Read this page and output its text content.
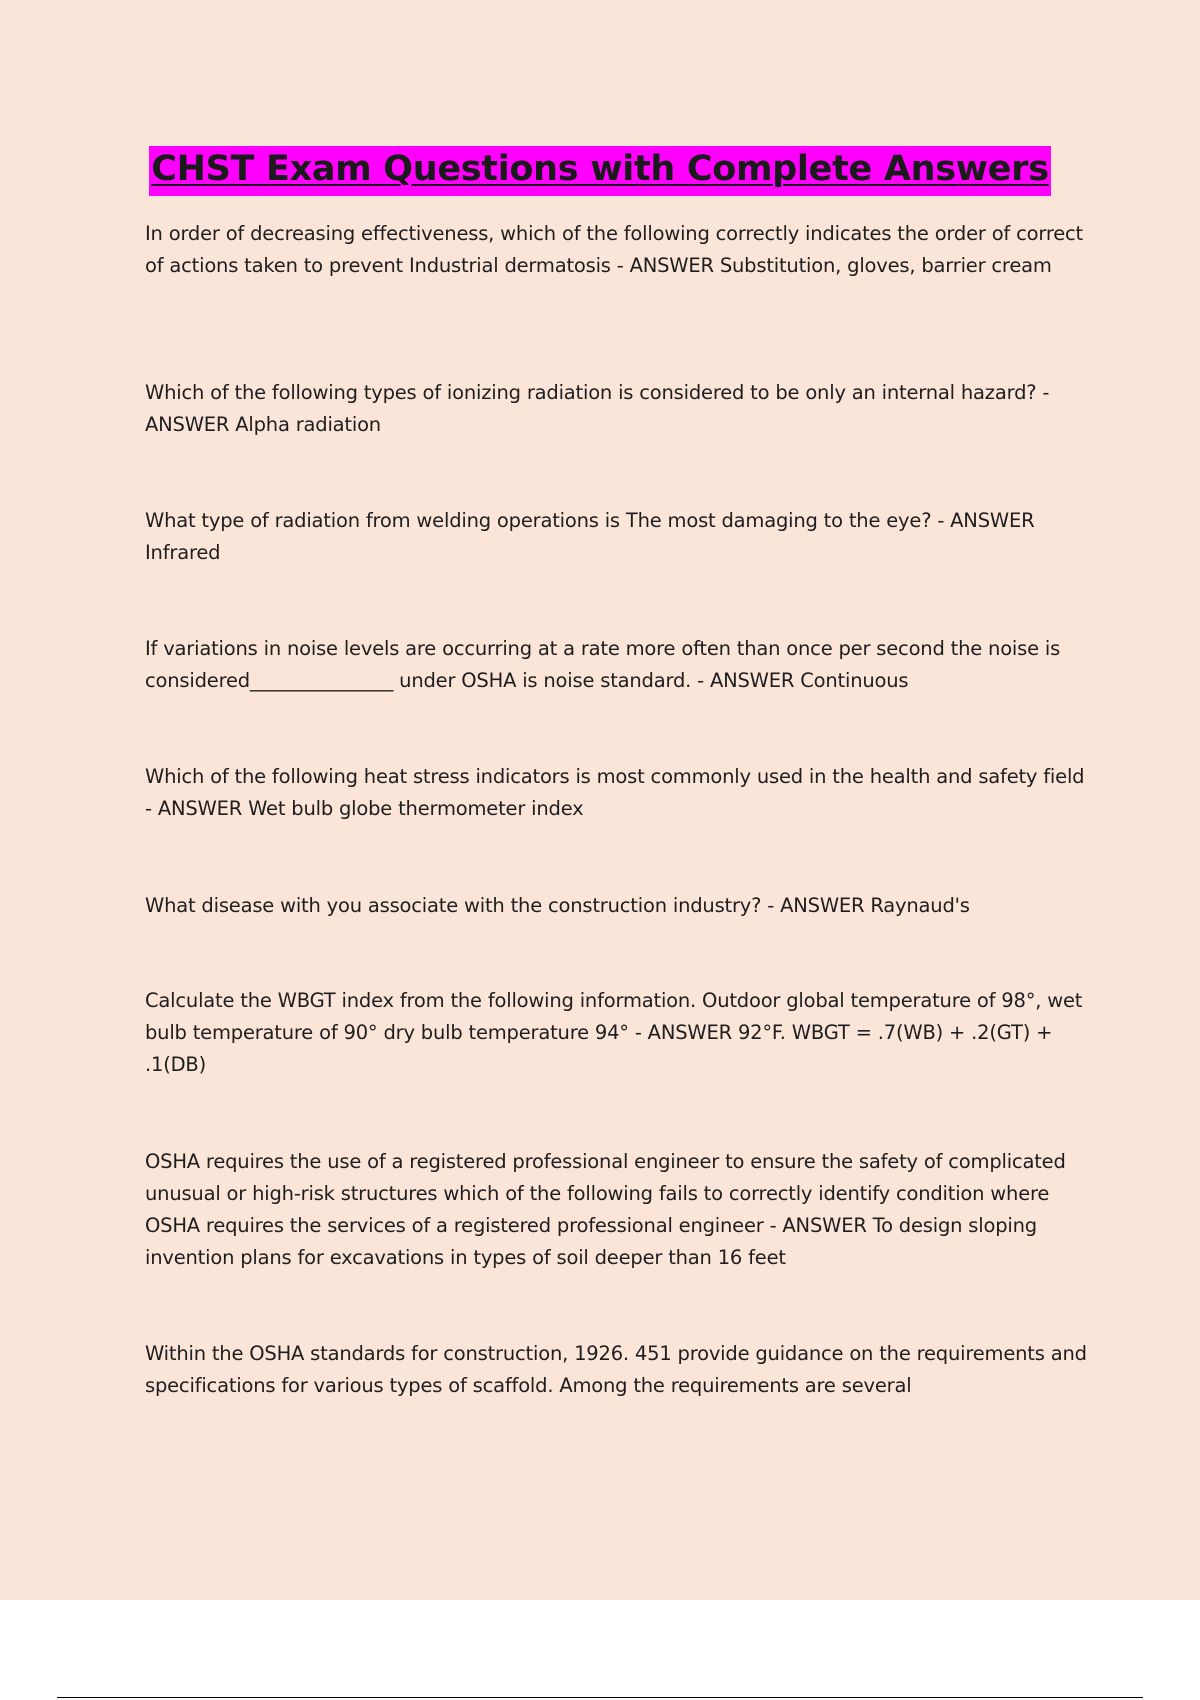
CHST Exam Questions with Complete Answers

In order of decreasing effectiveness, which of the following correctly indicates the order of correct of actions taken to prevent Industrial dermatosis - ANSWER Substitution, gloves, barrier cream

Which of the following types of ionizing radiation is considered to be only an internal hazard? - ANSWER Alpha radiation

What type of radiation from welding operations is The most damaging to the eye? - ANSWER Infrared

If variations in noise levels are occurring at a rate more often than once per second the noise is considered_______________ under OSHA is noise standard. - ANSWER Continuous

Which of the following heat stress indicators is most commonly used in the health and safety field - ANSWER Wet bulb globe thermometer index

What disease with you associate with the construction industry? - ANSWER Raynaud's

Calculate the WBGT index from the following information. Outdoor global temperature of 98°, wet bulb temperature of 90° dry bulb temperature 94° - ANSWER 92°F. WBGT = .7(WB) + .2(GT) + .1(DB)

OSHA requires the use of a registered professional engineer to ensure the safety of complicated unusual or high-risk structures which of the following fails to correctly identify condition where OSHA requires the services of a registered professional engineer - ANSWER To design sloping invention plans for excavations in types of soil deeper than 16 feet

Within the OSHA standards for construction, 1926. 451 provide guidance on the requirements and specifications for various types of scaffold. Among the requirements are several
